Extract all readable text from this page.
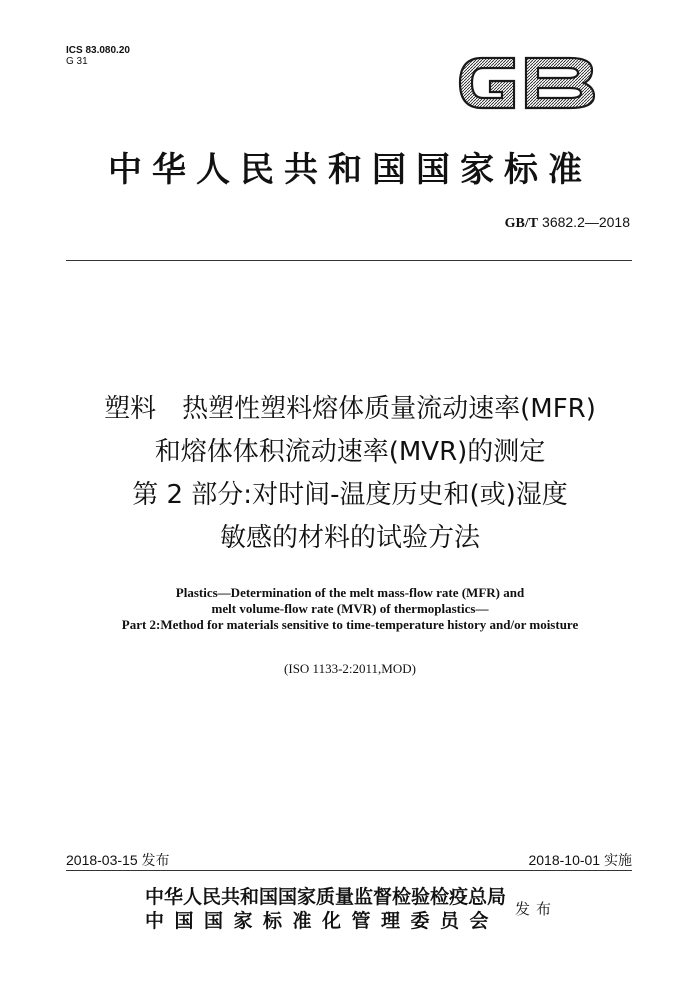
ICS 83.080.20
G 31
中华人民共和国国家标准
GB/T 3682.2—2018
塑料　热塑性塑料熔体质量流动速率(MFR)
和熔体体积流动速率(MVR)的测定
第 2 部分:对时间-温度历史和(或)湿度
敏感的材料的试验方法
Plastics—Determination of the melt mass-flow rate (MFR) and
melt volume-flow rate (MVR) of thermoplastics—
Part 2:Method for materials sensitive to time-temperature history and/or moisture
(ISO 1133-2:2011,MOD)
2018-03-15 发布	2018-10-01 实施
中华人民共和国国家质量监督检验检疫总局
中国国家标准化管理委员会
发布
